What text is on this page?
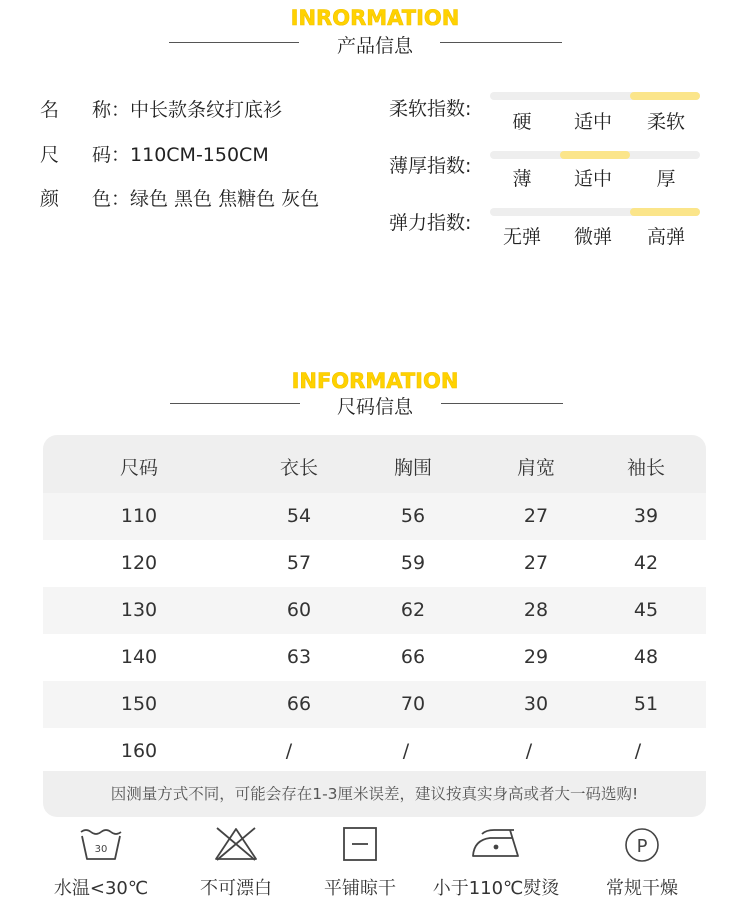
INRORMATION
产品信息
名 称：中长款条纹打底衫
尺 码：110CM-150CM
颜 色：绿色 黑色 焦糖色 灰色
柔软指数:
硬	适中	柔软
薄厚指数:
薄	适中	厚
弹力指数:
无弹	微弹	高弹
INFORMATION
尺码信息
尺码	衣长	胸围	肩宽	袖长
110	54	56	27	39
120	57	59	27	42
130	60	62	28	45
140	63	66	29	48
150	66	70	30	51
160	/	/	/	/
因测量方式不同，可能会存在1-3厘米误差，建议按真实身高或者大一码选购!
30
水温<30℃	不可漂白	平铺晾干	小于110℃熨烫
P
常规干燥
